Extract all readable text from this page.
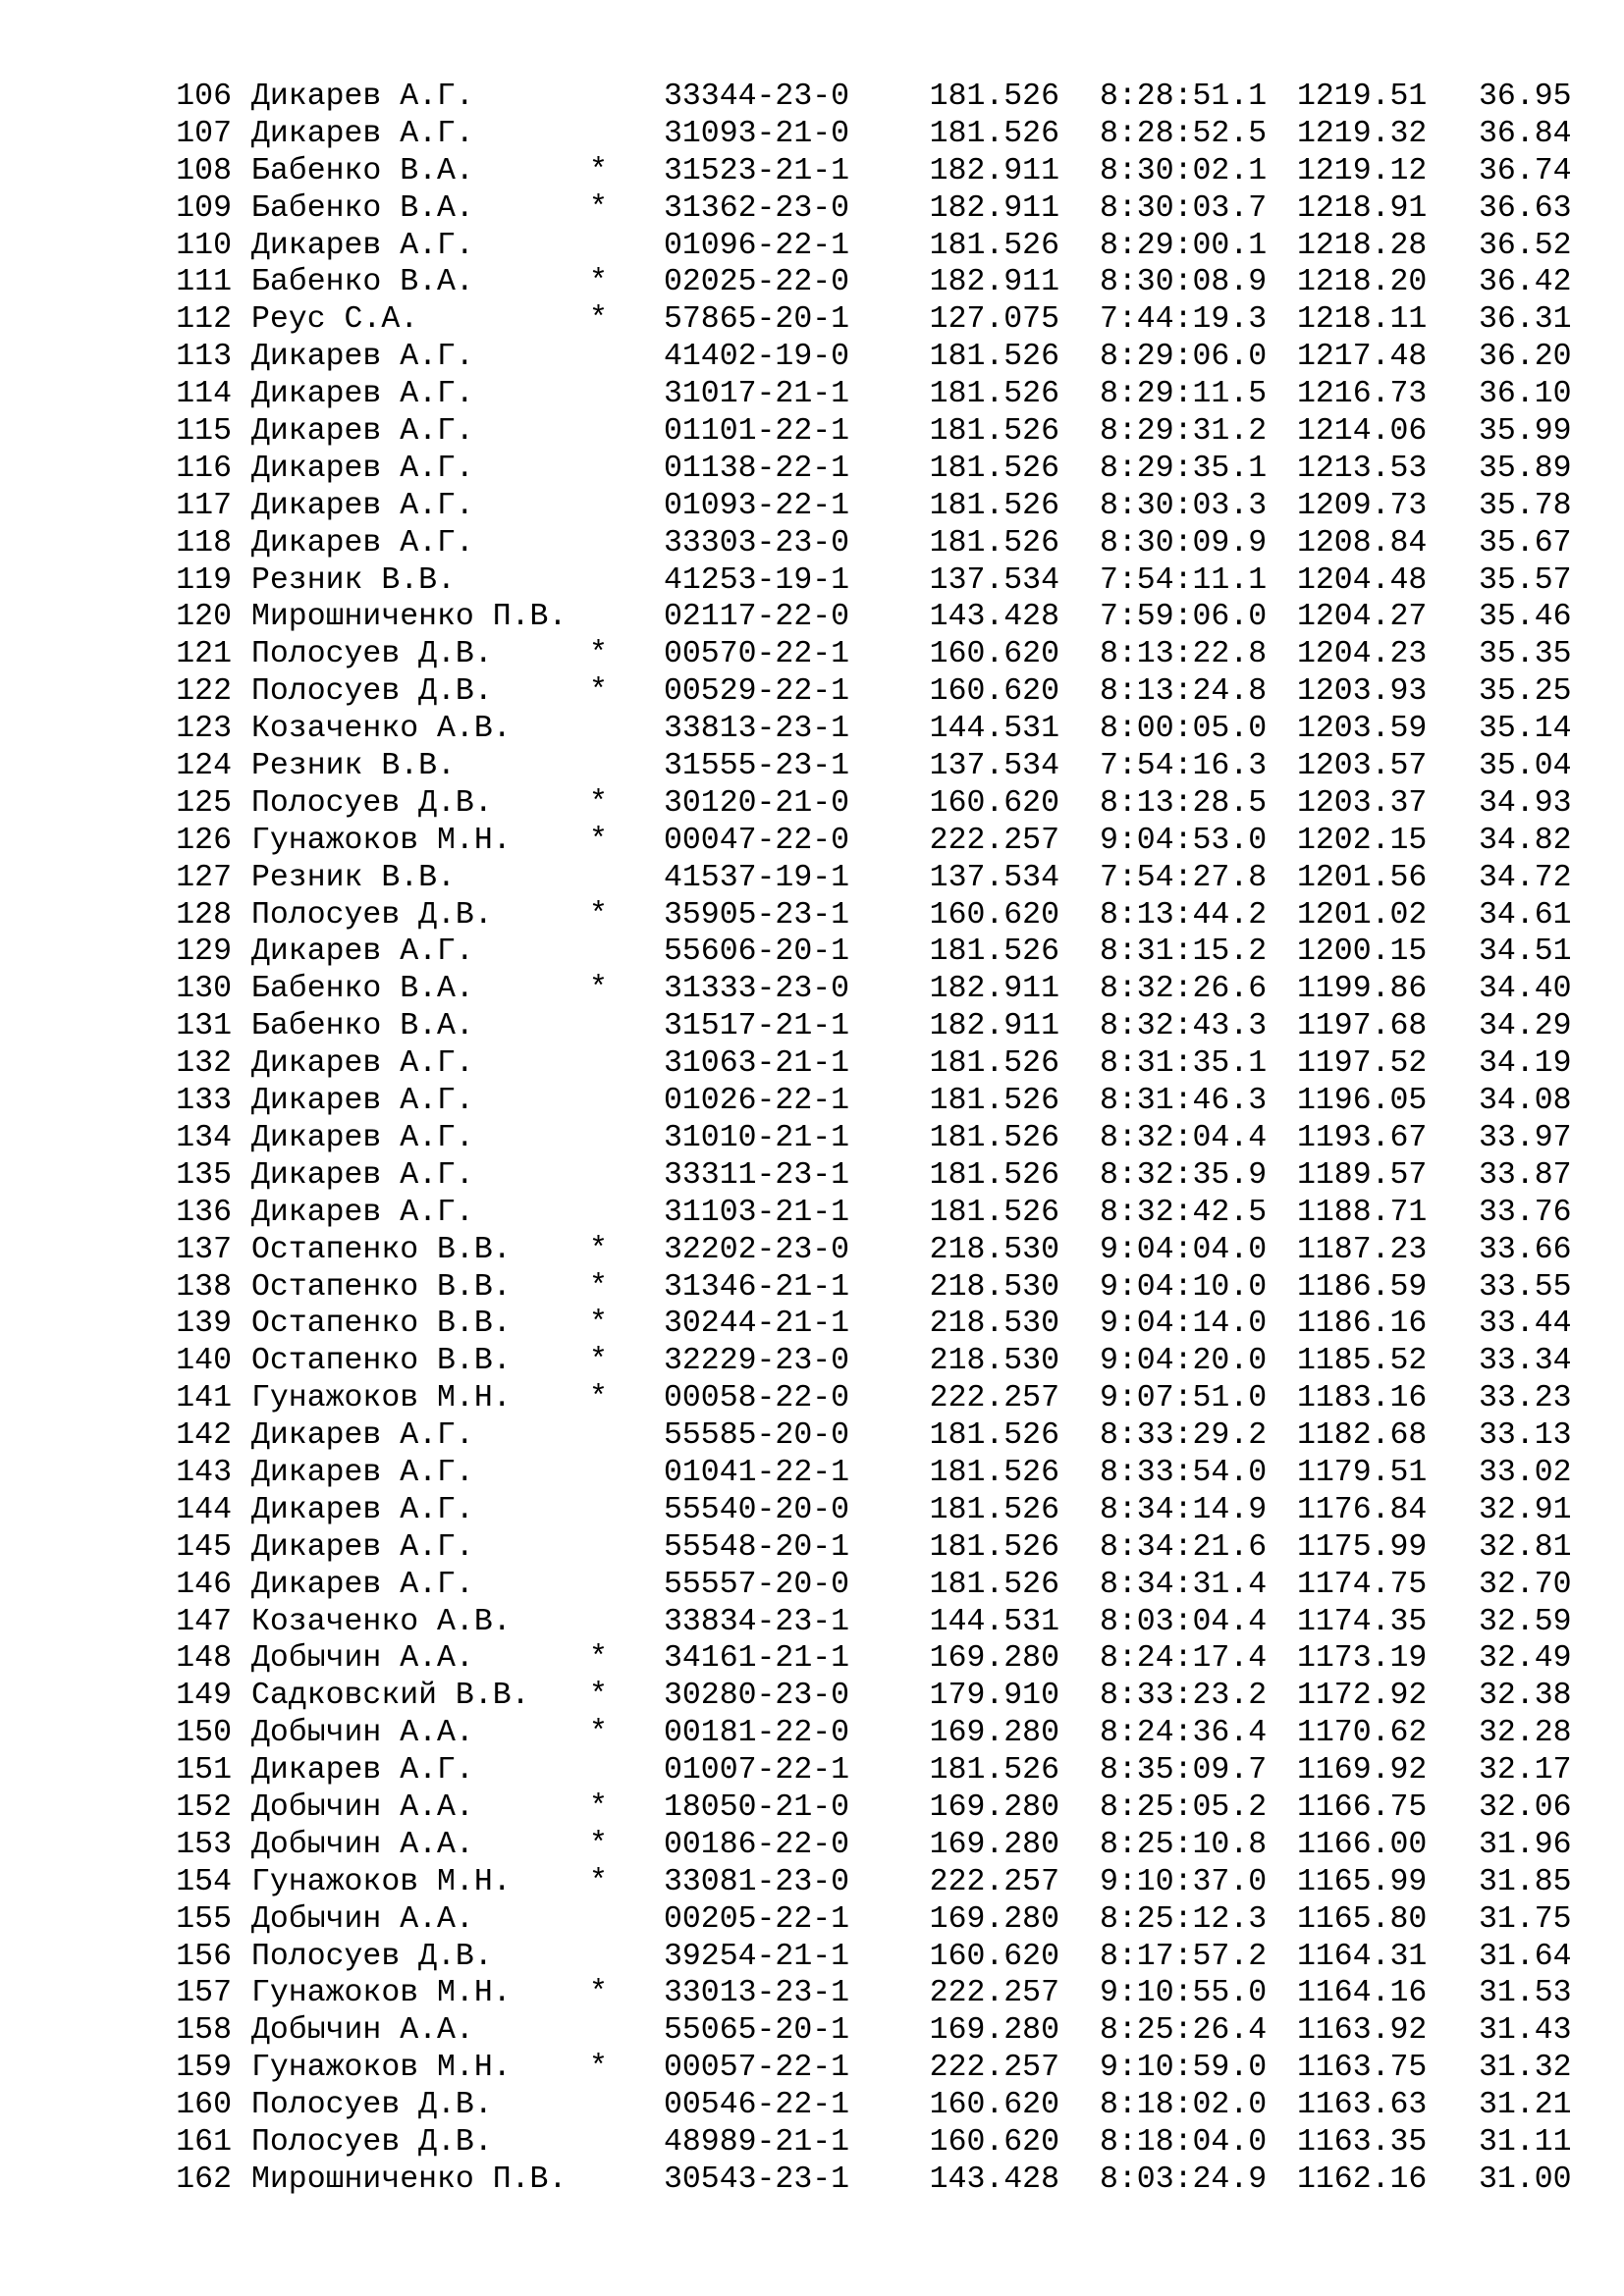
106 Дикарев А.Г.	33344-23-0	181.526 8:28:51.1 1219.51 36.95
107 Дикарев А.Г.	31093-21-0	181.526 8:28:52.5 1219.32 36.84
108 Бабенко В.А.	* 31523-21-1	182.911 8:30:02.1 1219.12 36.74
109 Бабенко В.А.	* 31362-23-0	182.911 8:30:03.7 1218.91 36.63
110 Дикарев А.Г.	01096-22-1	181.526 8:29:00.1 1218.28 36.52
111 Бабенко В.А.	* 02025-22-0	182.911 8:30:08.9 1218.20 36.42
112 Реус С.А.	* 57865-20-1	127.075 7:44:19.3 1218.11 36.31
113 Дикарев А.Г.	41402-19-0	181.526 8:29:06.0 1217.48 36.20
114 Дикарев А.Г.	31017-21-1	181.526 8:29:11.5 1216.73 36.10
115 Дикарев А.Г.	01101-22-1	181.526 8:29:31.2 1214.06 35.99
116 Дикарев А.Г.	01138-22-1	181.526 8:29:35.1 1213.53 35.89
117 Дикарев А.Г.	01093-22-1	181.526 8:30:03.3 1209.73 35.78
118 Дикарев А.Г.	33303-23-0	181.526 8:30:09.9 1208.84 35.67
119 Резник В.В.	41253-19-1	137.534 7:54:11.1 1204.48 35.57
120 Мирошниченко П.В.	02117-22-0	143.428 7:59:06.0 1204.27 35.46
121 Полосуев Д.В.	* 00570-22-1	160.620 8:13:22.8 1204.23 35.35
122 Полосуев Д.В.	* 00529-22-1	160.620 8:13:24.8 1203.93 35.25
123 Козаченко А.В.	33813-23-1	144.531 8:00:05.0 1203.59 35.14
124 Резник В.В.	31555-23-1	137.534 7:54:16.3 1203.57 35.04
125 Полосуев Д.В.	* 30120-21-0	160.620 8:13:28.5 1203.37 34.93
126 Гунажоков М.Н.	* 00047-22-0	222.257 9:04:53.0 1202.15 34.82
127 Резник В.В.	41537-19-1	137.534 7:54:27.8 1201.56 34.72
128 Полосуев Д.В.	* 35905-23-1	160.620 8:13:44.2 1201.02 34.61
129 Дикарев А.Г.	55606-20-1	181.526 8:31:15.2 1200.15 34.51
130 Бабенко В.А.	* 31333-23-0	182.911 8:32:26.6 1199.86 34.40
131 Бабенко В.А.	31517-21-1	182.911 8:32:43.3 1197.68 34.29
132 Дикарев А.Г.	31063-21-1	181.526 8:31:35.1 1197.52 34.19
133 Дикарев А.Г.	01026-22-1	181.526 8:31:46.3 1196.05 34.08
134 Дикарев А.Г.	31010-21-1	181.526 8:32:04.4 1193.67 33.97
135 Дикарев А.Г.	33311-23-1	181.526 8:32:35.9 1189.57 33.87
136 Дикарев А.Г.	31103-21-1	181.526 8:32:42.5 1188.71 33.76
137 Остапенко В.В.	* 32202-23-0	218.530 9:04:04.0 1187.23 33.66
138 Остапенко В.В.	* 31346-21-1	218.530 9:04:10.0 1186.59 33.55
139 Остапенко В.В.	* 30244-21-1	218.530 9:04:14.0 1186.16 33.44
140 Остапенко В.В.	* 32229-23-0	218.530 9:04:20.0 1185.52 33.34
141 Гунажоков М.Н.	* 00058-22-0	222.257 9:07:51.0 1183.16 33.23
142 Дикарев А.Г.	55585-20-0	181.526 8:33:29.2 1182.68 33.13
143 Дикарев А.Г.	01041-22-1	181.526 8:33:54.0 1179.51 33.02
144 Дикарев А.Г.	55540-20-0	181.526 8:34:14.9 1176.84 32.91
145 Дикарев А.Г.	55548-20-1	181.526 8:34:21.6 1175.99 32.81
146 Дикарев А.Г.	55557-20-0	181.526 8:34:31.4 1174.75 32.70
147 Козаченко А.В.	33834-23-1	144.531 8:03:04.4 1174.35 32.59
148 Добычин А.А.	* 34161-21-1	169.280 8:24:17.4 1173.19 32.49
149 Садковский В.В. * 30280-23-0	179.910 8:33:23.2 1172.92 32.38
150 Добычин А.А.	* 00181-22-0	169.280 8:24:36.4 1170.62 32.28
151 Дикарев А.Г.	01007-22-1	181.526 8:35:09.7 1169.92 32.17
152 Добычин А.А.	* 18050-21-0	169.280 8:25:05.2 1166.75 32.06
153 Добычин А.А.	* 00186-22-0	169.280 8:25:10.8 1166.00 31.96
154 Гунажоков М.Н.	* 33081-23-0	222.257 9:10:37.0 1165.99 31.85
155 Добычин А.А.	00205-22-1	169.280 8:25:12.3 1165.80 31.75
156 Полосуев Д.В.	39254-21-1	160.620 8:17:57.2 1164.31 31.64
157 Гунажоков М.Н.	* 33013-23-1	222.257 9:10:55.0 1164.16 31.53
158 Добычин А.А.	55065-20-1	169.280 8:25:26.4 1163.92 31.43
159 Гунажоков М.Н.	* 00057-22-1	222.257 9:10:59.0 1163.75 31.32
160 Полосуев Д.В.	00546-22-1	160.620 8:18:02.0 1163.63 31.21
161 Полосуев Д.В.	48989-21-1	160.620 8:18:04.0 1163.35 31.11
162 Мирошниченко П.В.	30543-23-1	143.428 8:03:24.9 1162.16 31.00
